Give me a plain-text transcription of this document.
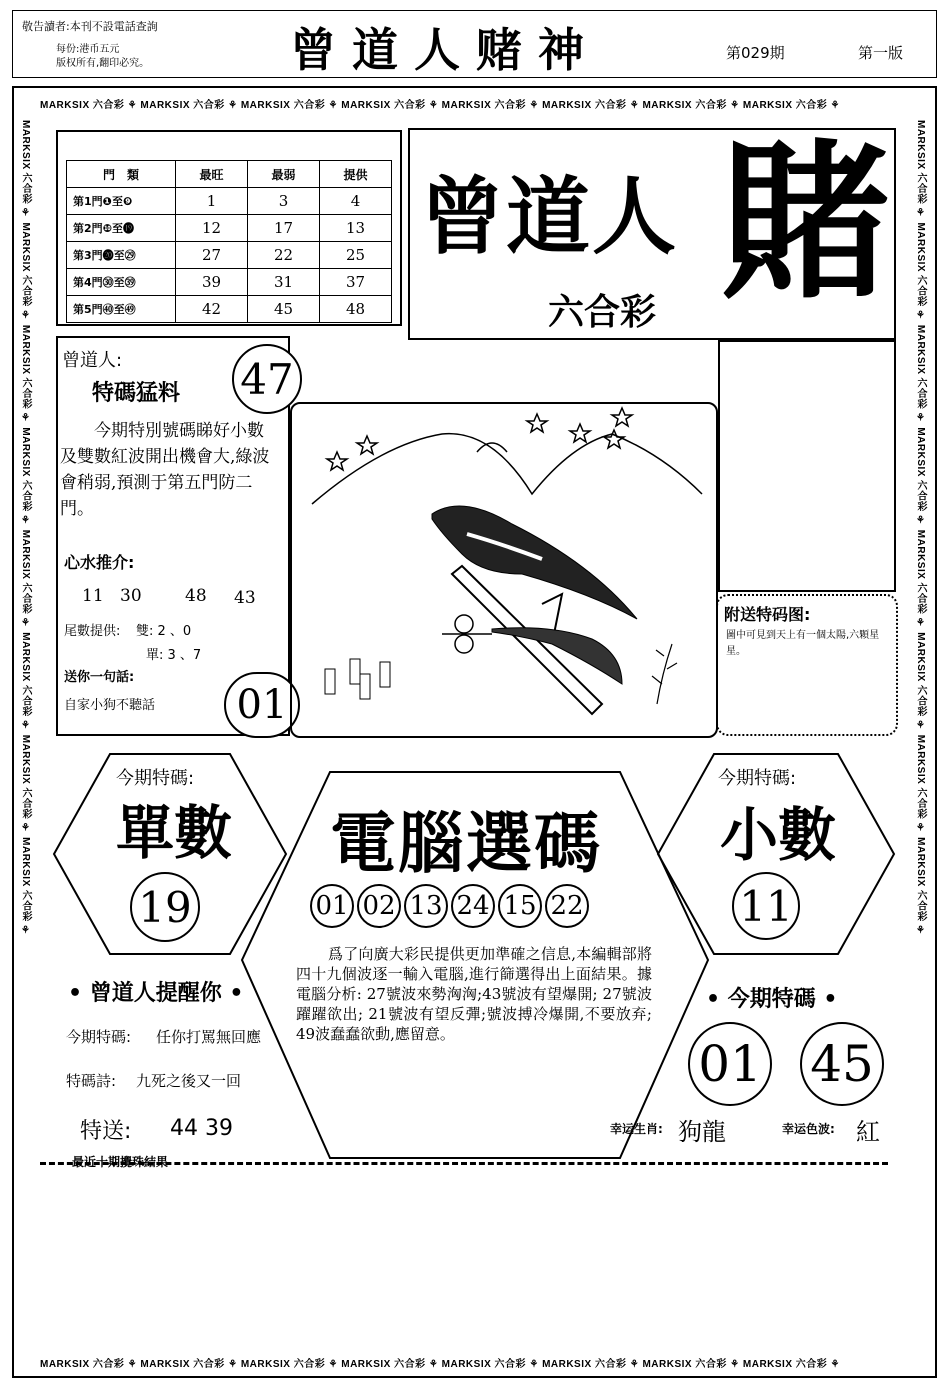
敬告讀者:本刊不設電話查詢
每份:港币五元
版权所有,翻印必究。	曾道人赌神	第029期	第一版
MARKSIX 六合彩 ⚘ MARKSIX 六合彩 ⚘ MARKSIX 六合彩 ⚘ MARKSIX 六合彩 ⚘ MARKSIX 六合彩 ⚘ MARKSIX 六合彩 ⚘ MARKSIX 六合彩 ⚘ MARKSIX 六合彩 ⚘
MARKSIX 六合彩 ⚘ MARKSIX 六合彩 ⚘ MARKSIX 六合彩 ⚘ MARKSIX 六合彩 ⚘ MARKSIX 六合彩 ⚘ MARKSIX 六合彩 ⚘ MARKSIX 六合彩 ⚘ MARKSIX 六合彩 ⚘
MARKSIX 六合彩 ⚘ MARKSIX 六合彩 ⚘ MARKSIX 六合彩 ⚘ MARKSIX 六合彩 ⚘ MARKSIX 六合彩 ⚘ MARKSIX 六合彩 ⚘ MARKSIX 六合彩 ⚘ MARKSIX 六合彩 ⚘	MARKSIX 六合彩 ⚘ MARKSIX 六合彩 ⚘ MARKSIX 六合彩 ⚘ MARKSIX 六合彩 ⚘ MARKSIX 六合彩 ⚘ MARKSIX 六合彩 ⚘ MARKSIX 六合彩 ⚘ MARKSIX 六合彩 ⚘
門　類	最旺	最弱	提供
第1門❶至❾	1	3	4
第2門❿至⓳	12	17	13
第3門⓴至㉙	27	22	25
第4門㉚至㊴	39	31	37
第5門㊵至㊾	42	45	48
曾道人 賭
六合彩
曾道人:
特碼猛料 47
今期特別號碼睇好小數及雙數紅波開出機會大,綠波會稍弱,預測于第五門防二門。
心水推介:
11 30	48 43
尾數提供: 雙: 2 、0
單: 3 、7
送你一句話:
自家小狗不聽話	01
附送特码图:
圖中可見到天上有一個太陽,六顆星星。
今期特碼:
單數
19
今期特碼:
小數
11
電腦選碼
01 02 13 24 15 22
爲了向廣大彩民提供更加準確之信息,本編輯部將四十九個波逐一輸入電腦,進行篩選得出上面結果。據電腦分析: 27號波來勢洶洶;43號波有望爆開; 27號波躍躍欲出; 21號波有望反彈;號波搏冷爆開,不要放弃; 49波蠢蠢欲動,應留意。
• 曾道人提醒你 •
今期特碼: 任你打罵無回應
特碼詩: 九死之後又一回
特送: 44 39
• 今期特碼 •
01 45
幸运生肖: 狗龍	幸运色波: 紅
最近十期攪珠結果
